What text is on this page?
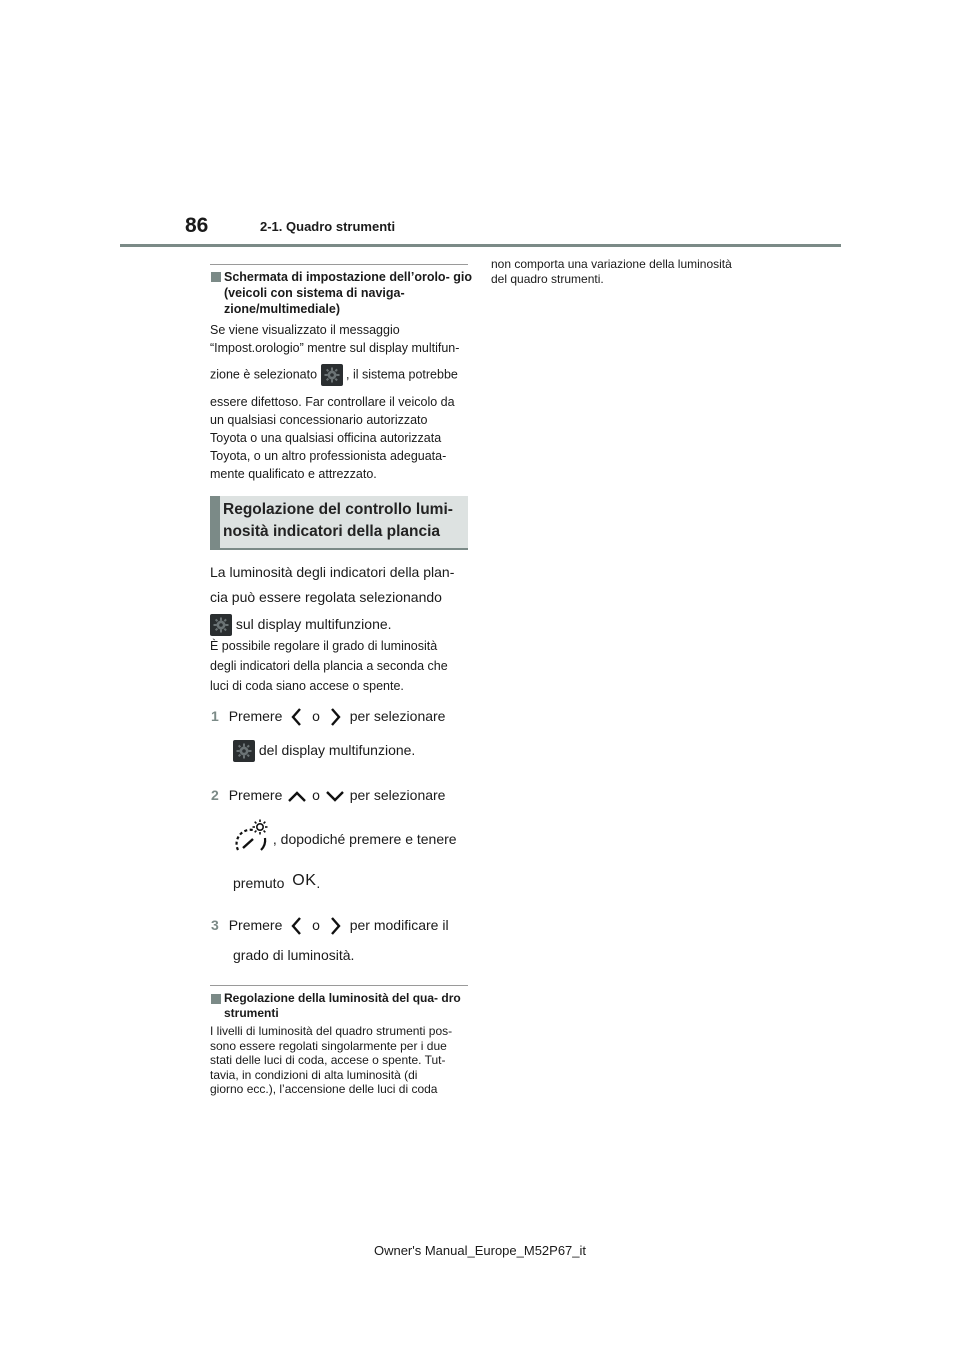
86	2-1. Quadro strumenti
Schermata di impostazione dell’orolo- gio (veicoli con sistema di naviga- zione/multimediale)
Se viene visualizzato il messaggio
“Impost.orologio” mentre sul display multifun-
zione è selezionato , il sistema potrebbe
essere difettoso. Far controllare il veicolo da
un qualsiasi concessionario autorizzato
Toyota o una qualsiasi officina autorizzata
Toyota, o un altro professionista adeguata-
mente qualificato e attrezzato.
Regolazione del controllo lumi- nosità indicatori della plancia
La luminosità degli indicatori della plan-
cia può essere regolata selezionando
sul display multifunzione.
È possibile regolare il grado di luminosità
degli indicatori della plancia a seconda che
luci di coda siano accese o spente.
1 Premere o per selezionare
del display multifunzione.
2 Premere o per selezionare
, dopodiché premere e tenere
premuto OK.
3 Premere o per modificare il
grado di luminosità.
Regolazione della luminosità del qua- dro strumenti
I livelli di luminosità del quadro strumenti pos-
sono essere regolati singolarmente per i due
stati delle luci di coda, accese o spente. Tut-
tavia, in condizioni di alta luminosità (di
giorno ecc.), l’accensione delle luci di coda
non comporta una variazione della luminosità
del quadro strumenti.
Owner's Manual_Europe_M52P67_it
